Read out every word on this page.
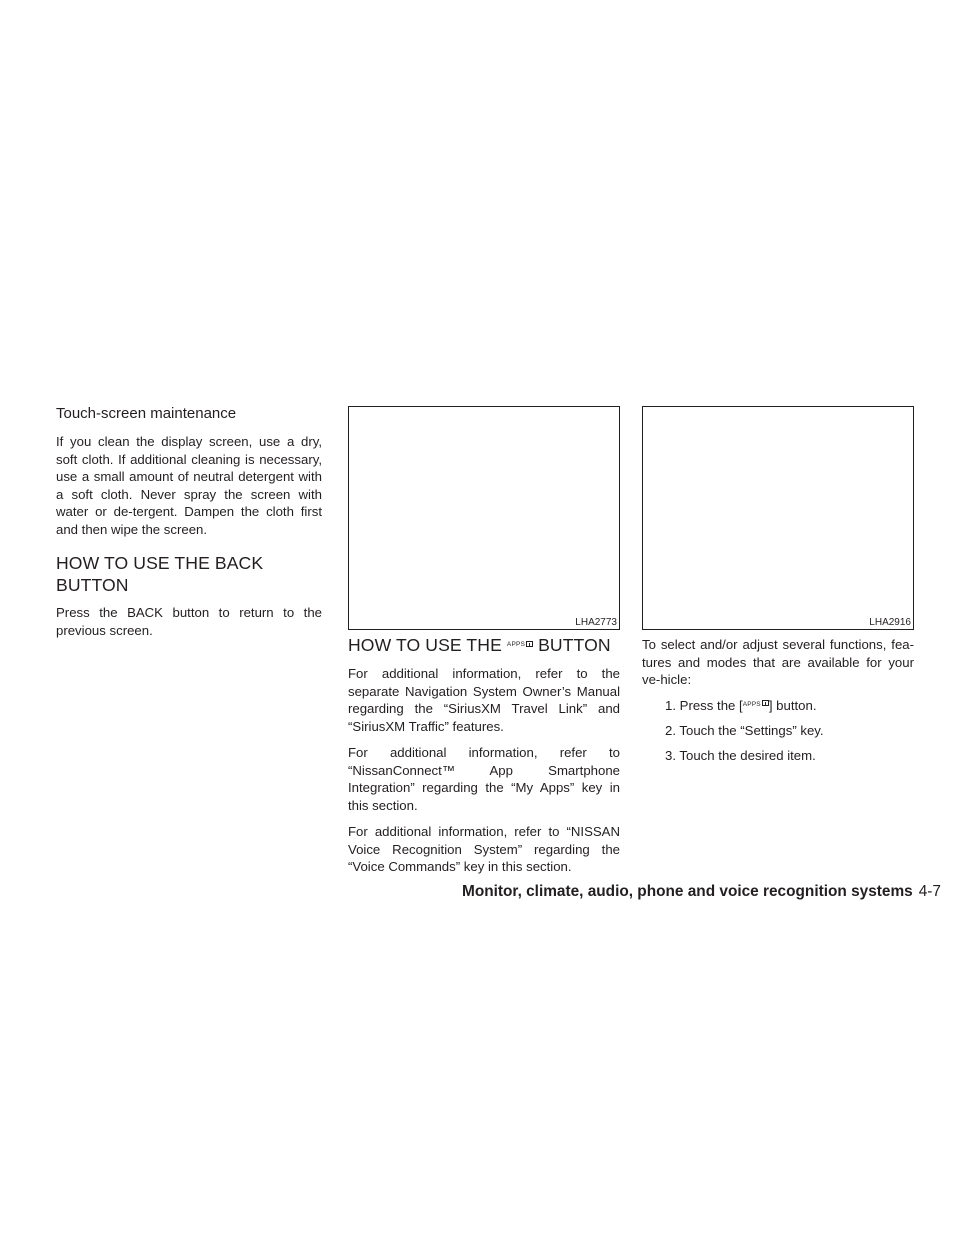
Touch-screen maintenance

If you clean the display screen, use a dry, soft cloth. If additional cleaning is necessary, use a small amount of neutral detergent with a soft cloth. Never spray the screen with water or de-tergent. Dampen the cloth first and then wipe the screen.

HOW TO USE THE BACK BUTTON

Press the BACK button to return to the previous screen.	LHA2773
HOW TO USE THE APPS BUTTON

For additional information, refer to the separate Navigation System Owner’s Manual regarding the “SiriusXM Travel Link” and “SiriusXM Traffic” features.

For additional information, refer to “NissanConnect™ App Smartphone Integration” regarding the “My Apps” key in this section.

For additional information, refer to “NISSAN Voice Recognition System” regarding the “Voice Commands” key in this section.

LHA2916

To select and/or adjust several functions, fea-tures and modes that are available for your ve-hicle:

1. Press the [APPS ] button.
2. Touch the “Settings” key.
3. Touch the desired item.
Monitor, climate, audio, phone and voice recognition systems 4-7
